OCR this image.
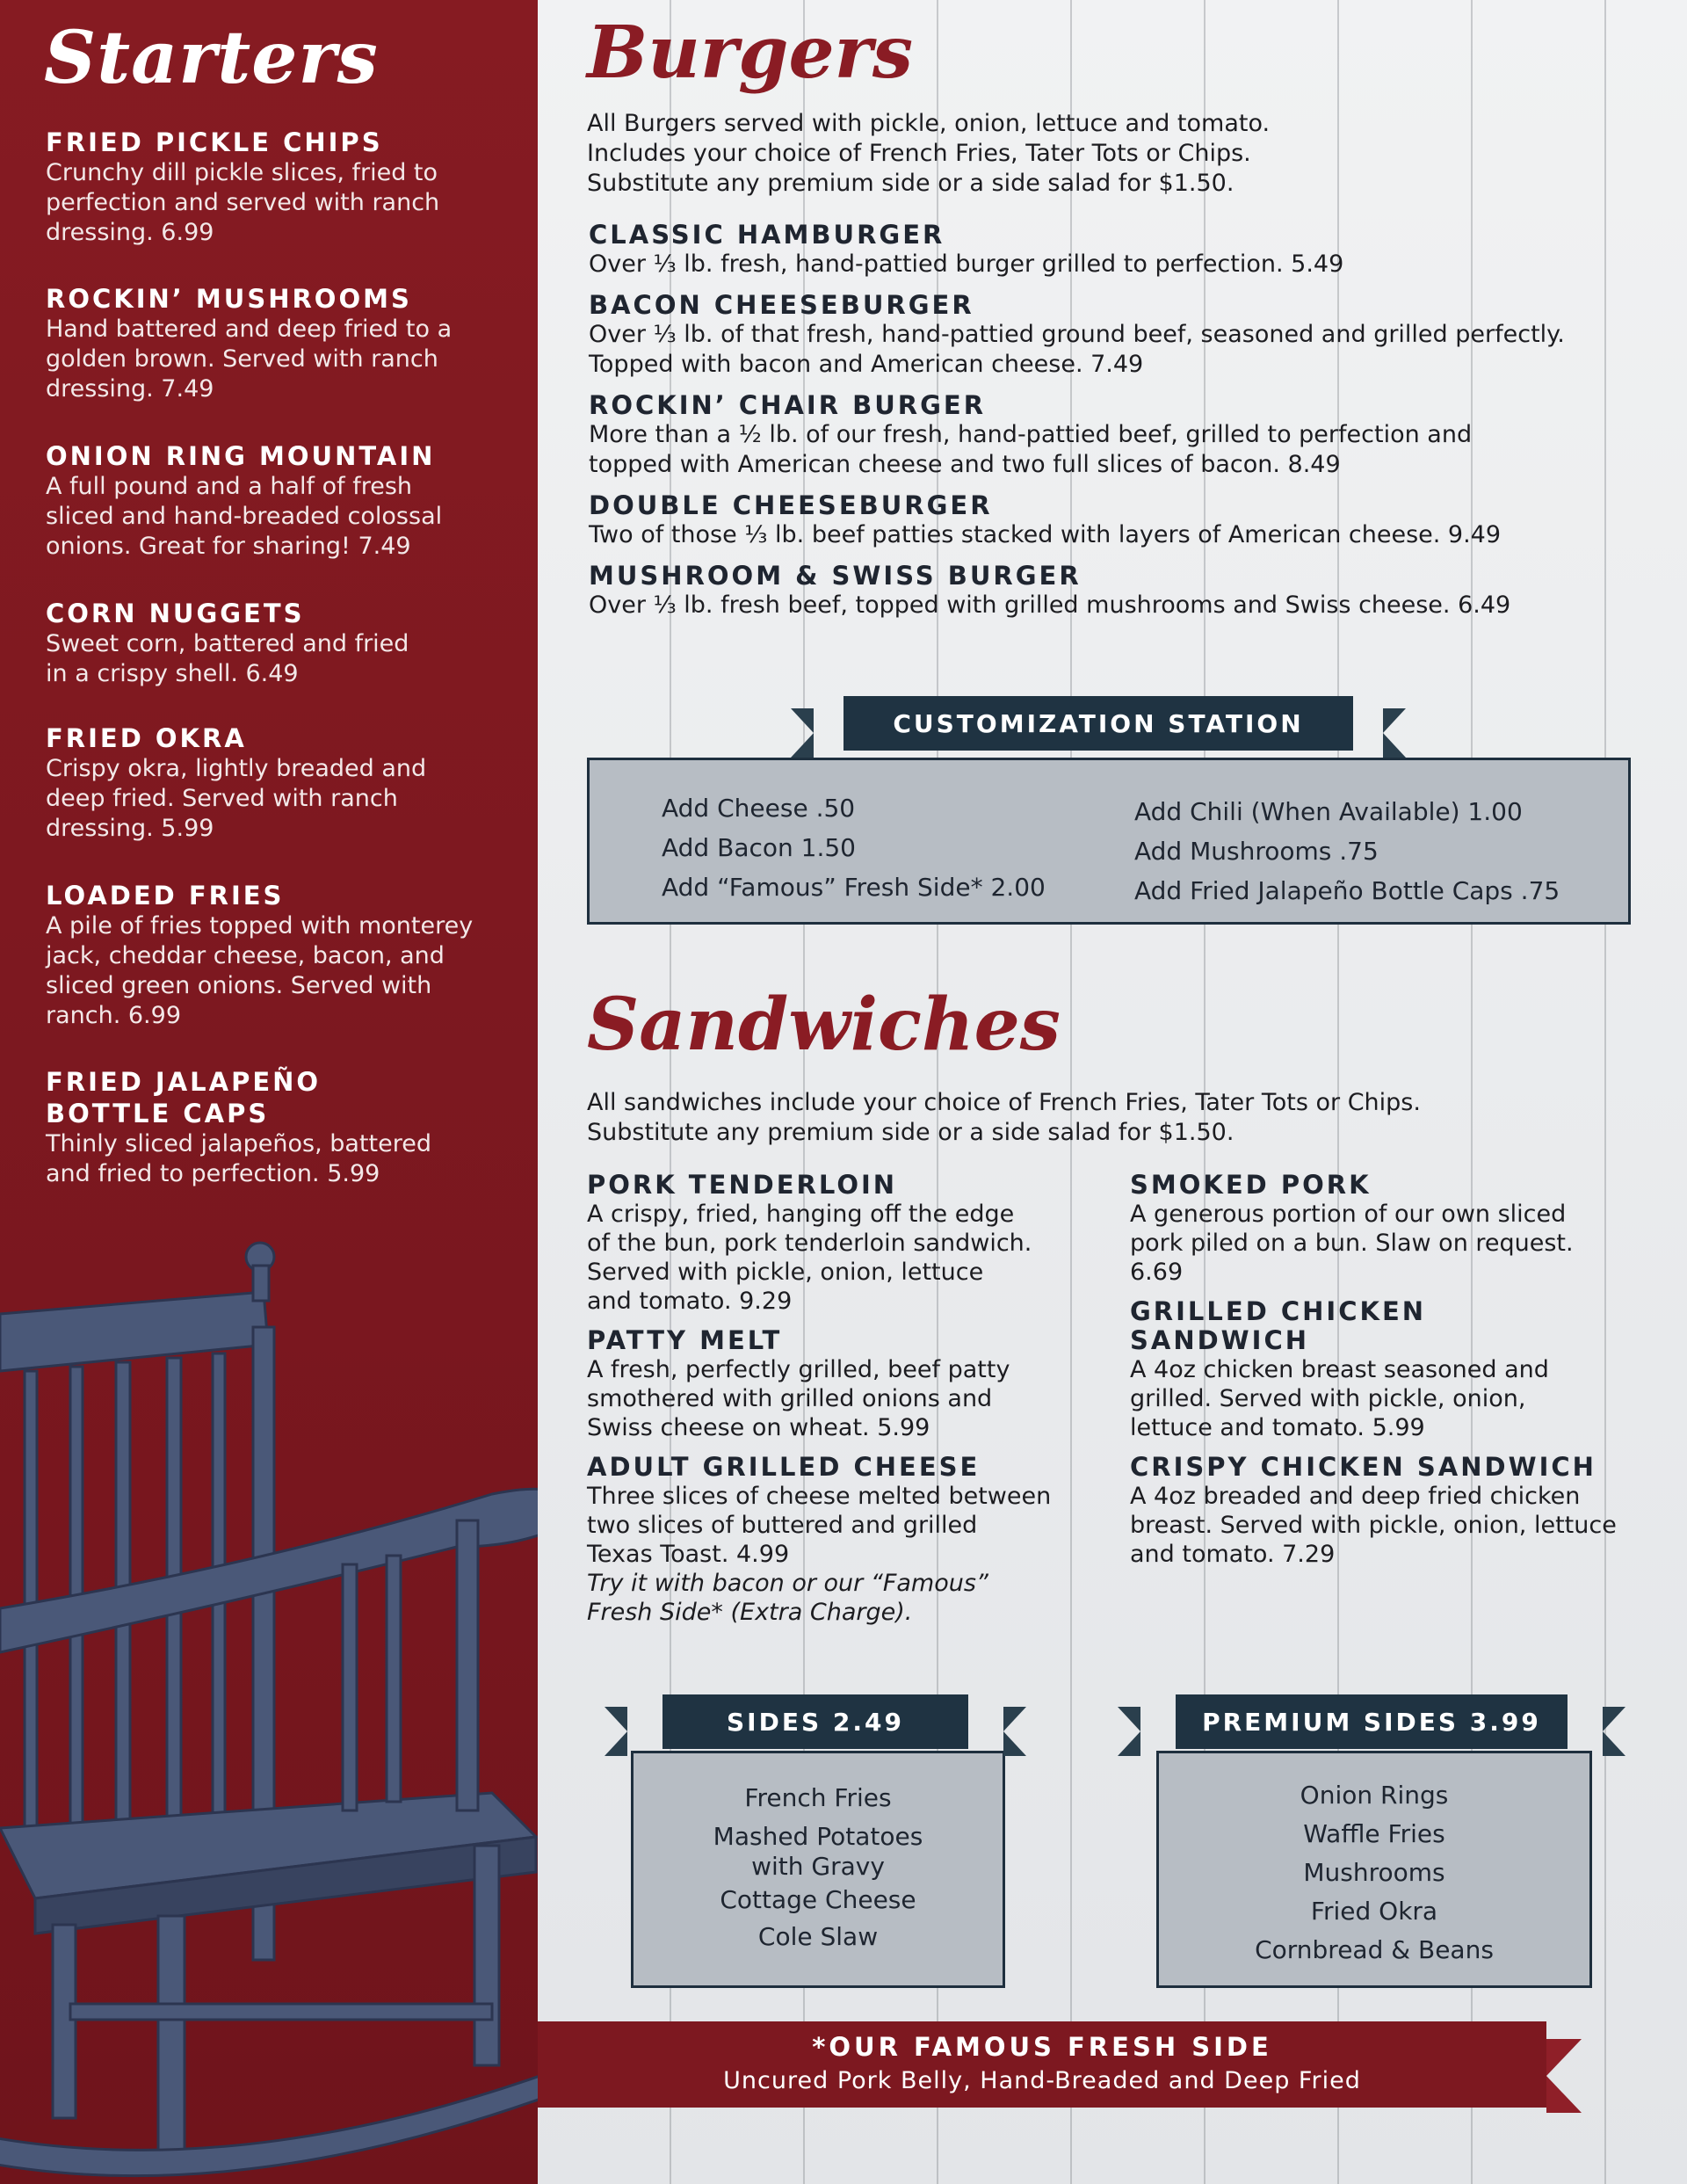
Starters
FRIED PICKLE CHIPS
Crunchy dill pickle slices, fried to
perfection and served with ranch
dressing. 6.99
ROCKIN’ MUSHROOMS
Hand battered and deep fried to a
golden brown. Served with ranch
dressing. 7.49
ONION RING MOUNTAIN
A full pound and a half of fresh
sliced and hand-breaded colossal
onions. Great for sharing! 7.49
CORN NUGGETS
Sweet corn, battered and fried
in a crispy shell. 6.49
FRIED OKRA
Crispy okra, lightly breaded and
deep fried. Served with ranch
dressing. 5.99
LOADED FRIES
A pile of fries topped with monterey
jack, cheddar cheese, bacon, and
sliced green onions. Served with
ranch. 6.99
FRIED JALAPEÑO
BOTTLE CAPS
Thinly sliced jalapeños, battered
and fried to perfection. 5.99
Burgers
All Burgers served with pickle, onion, lettuce and tomato.
Includes your choice of French Fries, Tater Tots or Chips.
Substitute any premium side or a side salad for $1.50.
CLASSIC HAMBURGER
Over ⅓ lb. fresh, hand-pattied burger grilled to perfection. 5.49
BACON CHEESEBURGER
Over ⅓ lb. of that fresh, hand-pattied ground beef, seasoned and grilled perfectly.
Topped with bacon and American cheese. 7.49
ROCKIN’ CHAIR BURGER
More than a ½ lb. of our fresh, hand-pattied beef, grilled to perfection and
topped with American cheese and two full slices of bacon. 8.49
DOUBLE CHEESEBURGER
Two of those ⅓ lb. beef patties stacked with layers of American cheese. 9.49
MUSHROOM & SWISS BURGER
Over ⅓ lb. fresh beef, topped with grilled mushrooms and Swiss cheese. 6.49
Add Cheese .50
Add Bacon 1.50
Add “Famous” Fresh Side* 2.00
Add Chili (When Available) 1.00
Add Mushrooms .75
Add Fried Jalapeño Bottle Caps .75
CUSTOMIZATION STATION
Sandwiches
All sandwiches include your choice of French Fries, Tater Tots or Chips.
Substitute any premium side or a side salad for $1.50.
PORK TENDERLOIN
A crispy, fried, hanging off the edge
of the bun, pork tenderloin sandwich.
Served with pickle, onion, lettuce
and tomato. 9.29
PATTY MELT
A fresh, perfectly grilled, beef patty
smothered with grilled onions and
Swiss cheese on wheat. 5.99
ADULT GRILLED CHEESE
Three slices of cheese melted between
two slices of buttered and grilled
Texas Toast. 4.99
Try it with bacon or our “Famous”
Fresh Side* (Extra Charge).
SMOKED PORK
A generous portion of our own sliced
pork piled on a bun. Slaw on request.
6.69
GRILLED CHICKEN
SANDWICH
A 4oz chicken breast seasoned and
grilled. Served with pickle, onion,
lettuce and tomato. 5.99
CRISPY CHICKEN SANDWICH
A 4oz breaded and deep fried chicken
breast. Served with pickle, onion, lettuce
and tomato. 7.29
French Fries
Mashed Potatoes
with Gravy
Cottage Cheese
Cole Slaw
SIDES 2.49
Onion Rings
Waffle Fries
Mushrooms
Fried Okra
Cornbread & Beans
PREMIUM SIDES 3.99
*OUR FAMOUS FRESH SIDE
Uncured Pork Belly, Hand-Breaded and Deep Fried
